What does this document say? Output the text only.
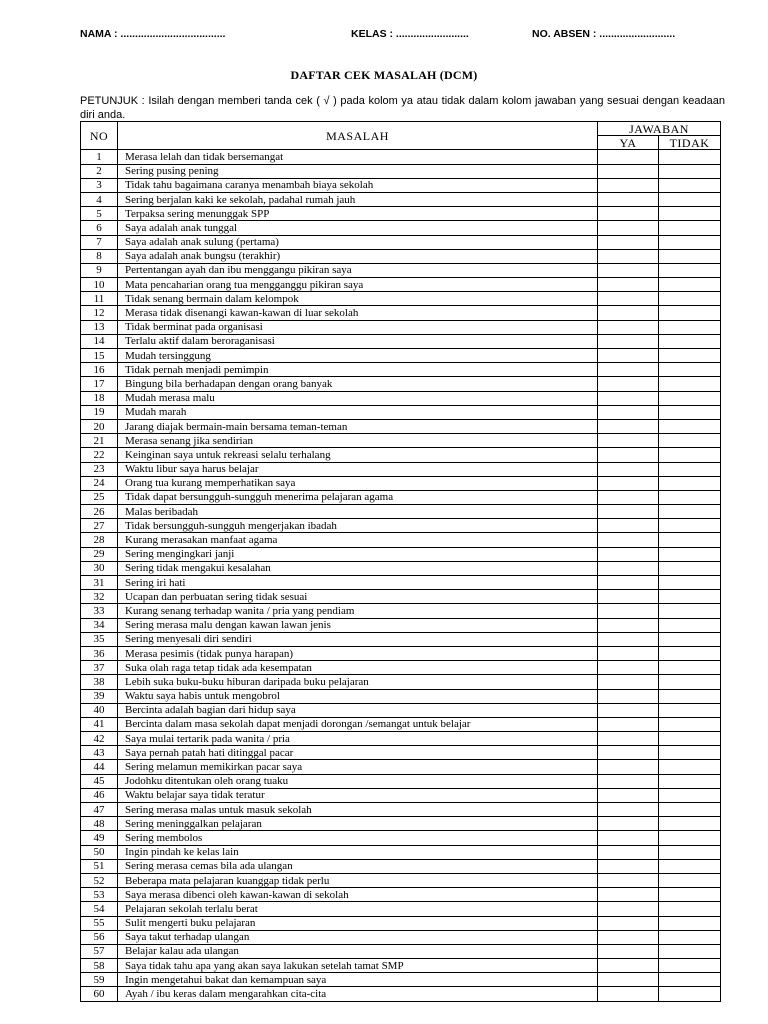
NAMA : ....................................	KELAS : .........................	NO. ABSEN : ..........................
DAFTAR CEK MASALAH (DCM)
PETUNJUK : Isilah dengan memberi tanda cek ( √ ) pada kolom ya atau tidak dalam kolom jawaban yang sesuai dengan keadaan diri anda.
NO	MASALAH	JAWABAN	
		YA	TIDAK
1	Merasa lelah dan tidak bersemangat		
2	Sering pusing pening		
3	Tidak tahu bagaimana caranya menambah biaya sekolah		
4	Sering berjalan kaki ke sekolah, padahal rumah jauh		
5	Terpaksa sering menunggak SPP		
6	Saya adalah anak tunggal		
7	Saya adalah anak sulung (pertama)		
8	Saya adalah anak bungsu (terakhir)		
9	Pertentangan ayah dan ibu menggangu pikiran saya		
10	Mata pencaharian orang tua mengganggu pikiran saya		
11	Tidak senang bermain dalam kelompok		
12	Merasa tidak disenangi kawan-kawan di luar sekolah		
13	Tidak berminat pada organisasi		
14	Terlalu aktif dalam beroraganisasi		
15	Mudah tersinggung		
16	Tidak pernah menjadi pemimpin		
17	Bingung bila berhadapan dengan orang banyak		
18	Mudah merasa malu		
19	Mudah marah		
20	Jarang diajak bermain-main bersama teman-teman		
21	Merasa senang jika sendirian		
22	Keinginan saya untuk rekreasi selalu terhalang		
23	Waktu libur saya harus belajar		
24	Orang tua kurang memperhatikan saya		
25	Tidak dapat bersungguh-sungguh menerima pelajaran agama		
26	Malas beribadah		
27	Tidak bersungguh-sungguh mengerjakan ibadah		
28	Kurang merasakan manfaat agama		
29	Sering mengingkari janji		
30	Sering tidak mengakui kesalahan		
31	Sering iri hati		
32	Ucapan dan perbuatan sering tidak sesuai		
33	Kurang senang terhadap wanita / pria yang pendiam		
34	Sering merasa malu dengan kawan lawan jenis		
35	Sering menyesali diri sendiri		
36	Merasa pesimis (tidak punya harapan)		
37	Suka olah raga tetap tidak ada kesempatan		
38	Lebih suka buku-buku hiburan daripada buku pelajaran		
39	Waktu saya habis untuk mengobrol		
40	Bercinta adalah bagian dari hidup saya		
41	Bercinta dalam masa sekolah dapat menjadi dorongan /semangat untuk belajar		
42	Saya mulai tertarik pada wanita / pria		
43	Saya pernah patah hati ditinggal pacar		
44	Sering melamun memikirkan pacar saya		
45	Jodohku ditentukan oleh orang tuaku		
46	Waktu belajar saya tidak teratur		
47	Sering merasa malas untuk masuk sekolah		
48	Sering meninggalkan pelajaran		
49	Sering membolos		
50	Ingin pindah ke kelas lain		
51	Sering merasa cemas bila ada ulangan		
52	Beberapa mata pelajaran kuanggap tidak perlu		
53	Saya merasa dibenci oleh kawan-kawan di sekolah		
54	Pelajaran sekolah terlalu berat		
55	Sulit mengerti buku pelajaran		
56	Saya takut terhadap ulangan		
57	Belajar kalau ada ulangan		
58	Saya tidak tahu apa yang akan saya lakukan setelah tamat SMP		
59	Ingin mengetahui bakat dan kemampuan saya		
60	Ayah / ibu keras dalam mengarahkan cita-cita		
